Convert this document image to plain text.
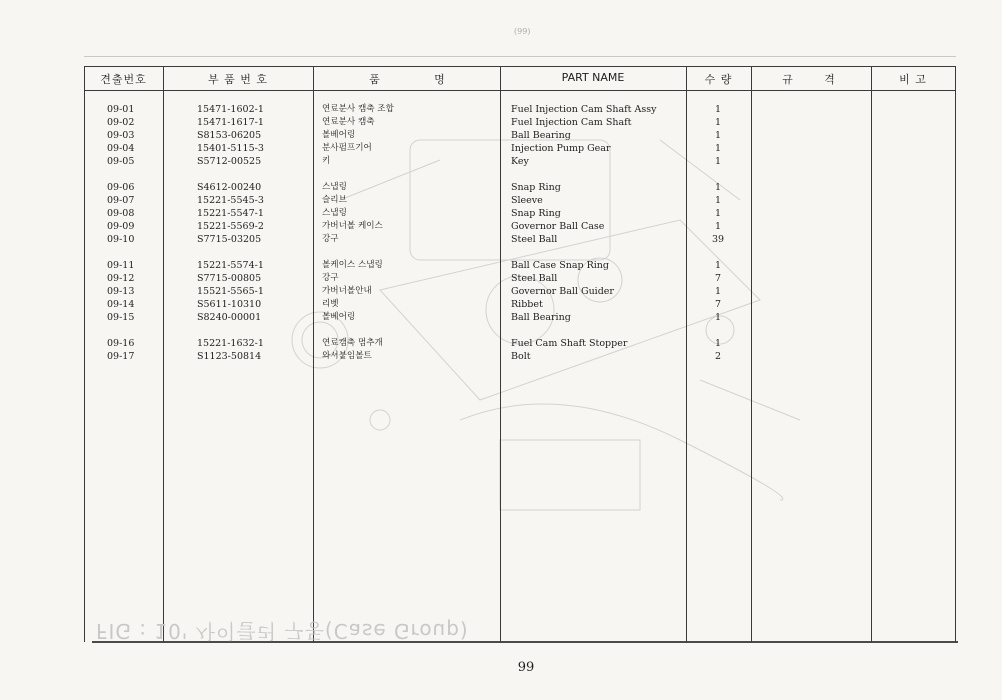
(99)
견출번호	부 품 번 호	품	명	PART NAME	수 량	규	격	비 고
09-01	15471-1602-1	연료분사 캠축 조합	Fuel Injection Cam Shaft Assy	1
09-02	15471-1617-1	연료분사 캠축	Fuel Injection Cam Shaft	1
09-03	S8153-06205	볼베어링	Ball Bearing	1
09-04	15401-5115-3	분사펌프기어	Injection Pump Gear	1
09-05	S5712-00525	키	Key	1
09-06	S4612-00240	스냅링	Snap Ring	1
09-07	15221-5545-3	슬리브	Sleeve	1
09-08	15221-5547-1	스냅링	Snap Ring	1
09-09	15221-5569-2	가버너볼 케이스	Governor Ball Case	1
09-10	S7715-03205	강구	Steel Ball	39
09-11	15221-5574-1	볼케이스 스냅링	Ball Case Snap Ring	1
09-12	S7715-00805	강구	Steel Ball	7
09-13	15521-5565-1	가버너볼안내	Governor Ball Guider	1
09-14	S5611-10310	리벳	Ribbet	7
09-15	S8240-00001	볼베어링	Ball Bearing	1
09-16	15221-1632-1	연료캠축 멈추개	Fuel Cam Shaft Stopper	1
09-17	S1123-50814	와셔붙임볼트	Bolt	2
FIG : 10' 사이클러 구동(Case Group)
99
